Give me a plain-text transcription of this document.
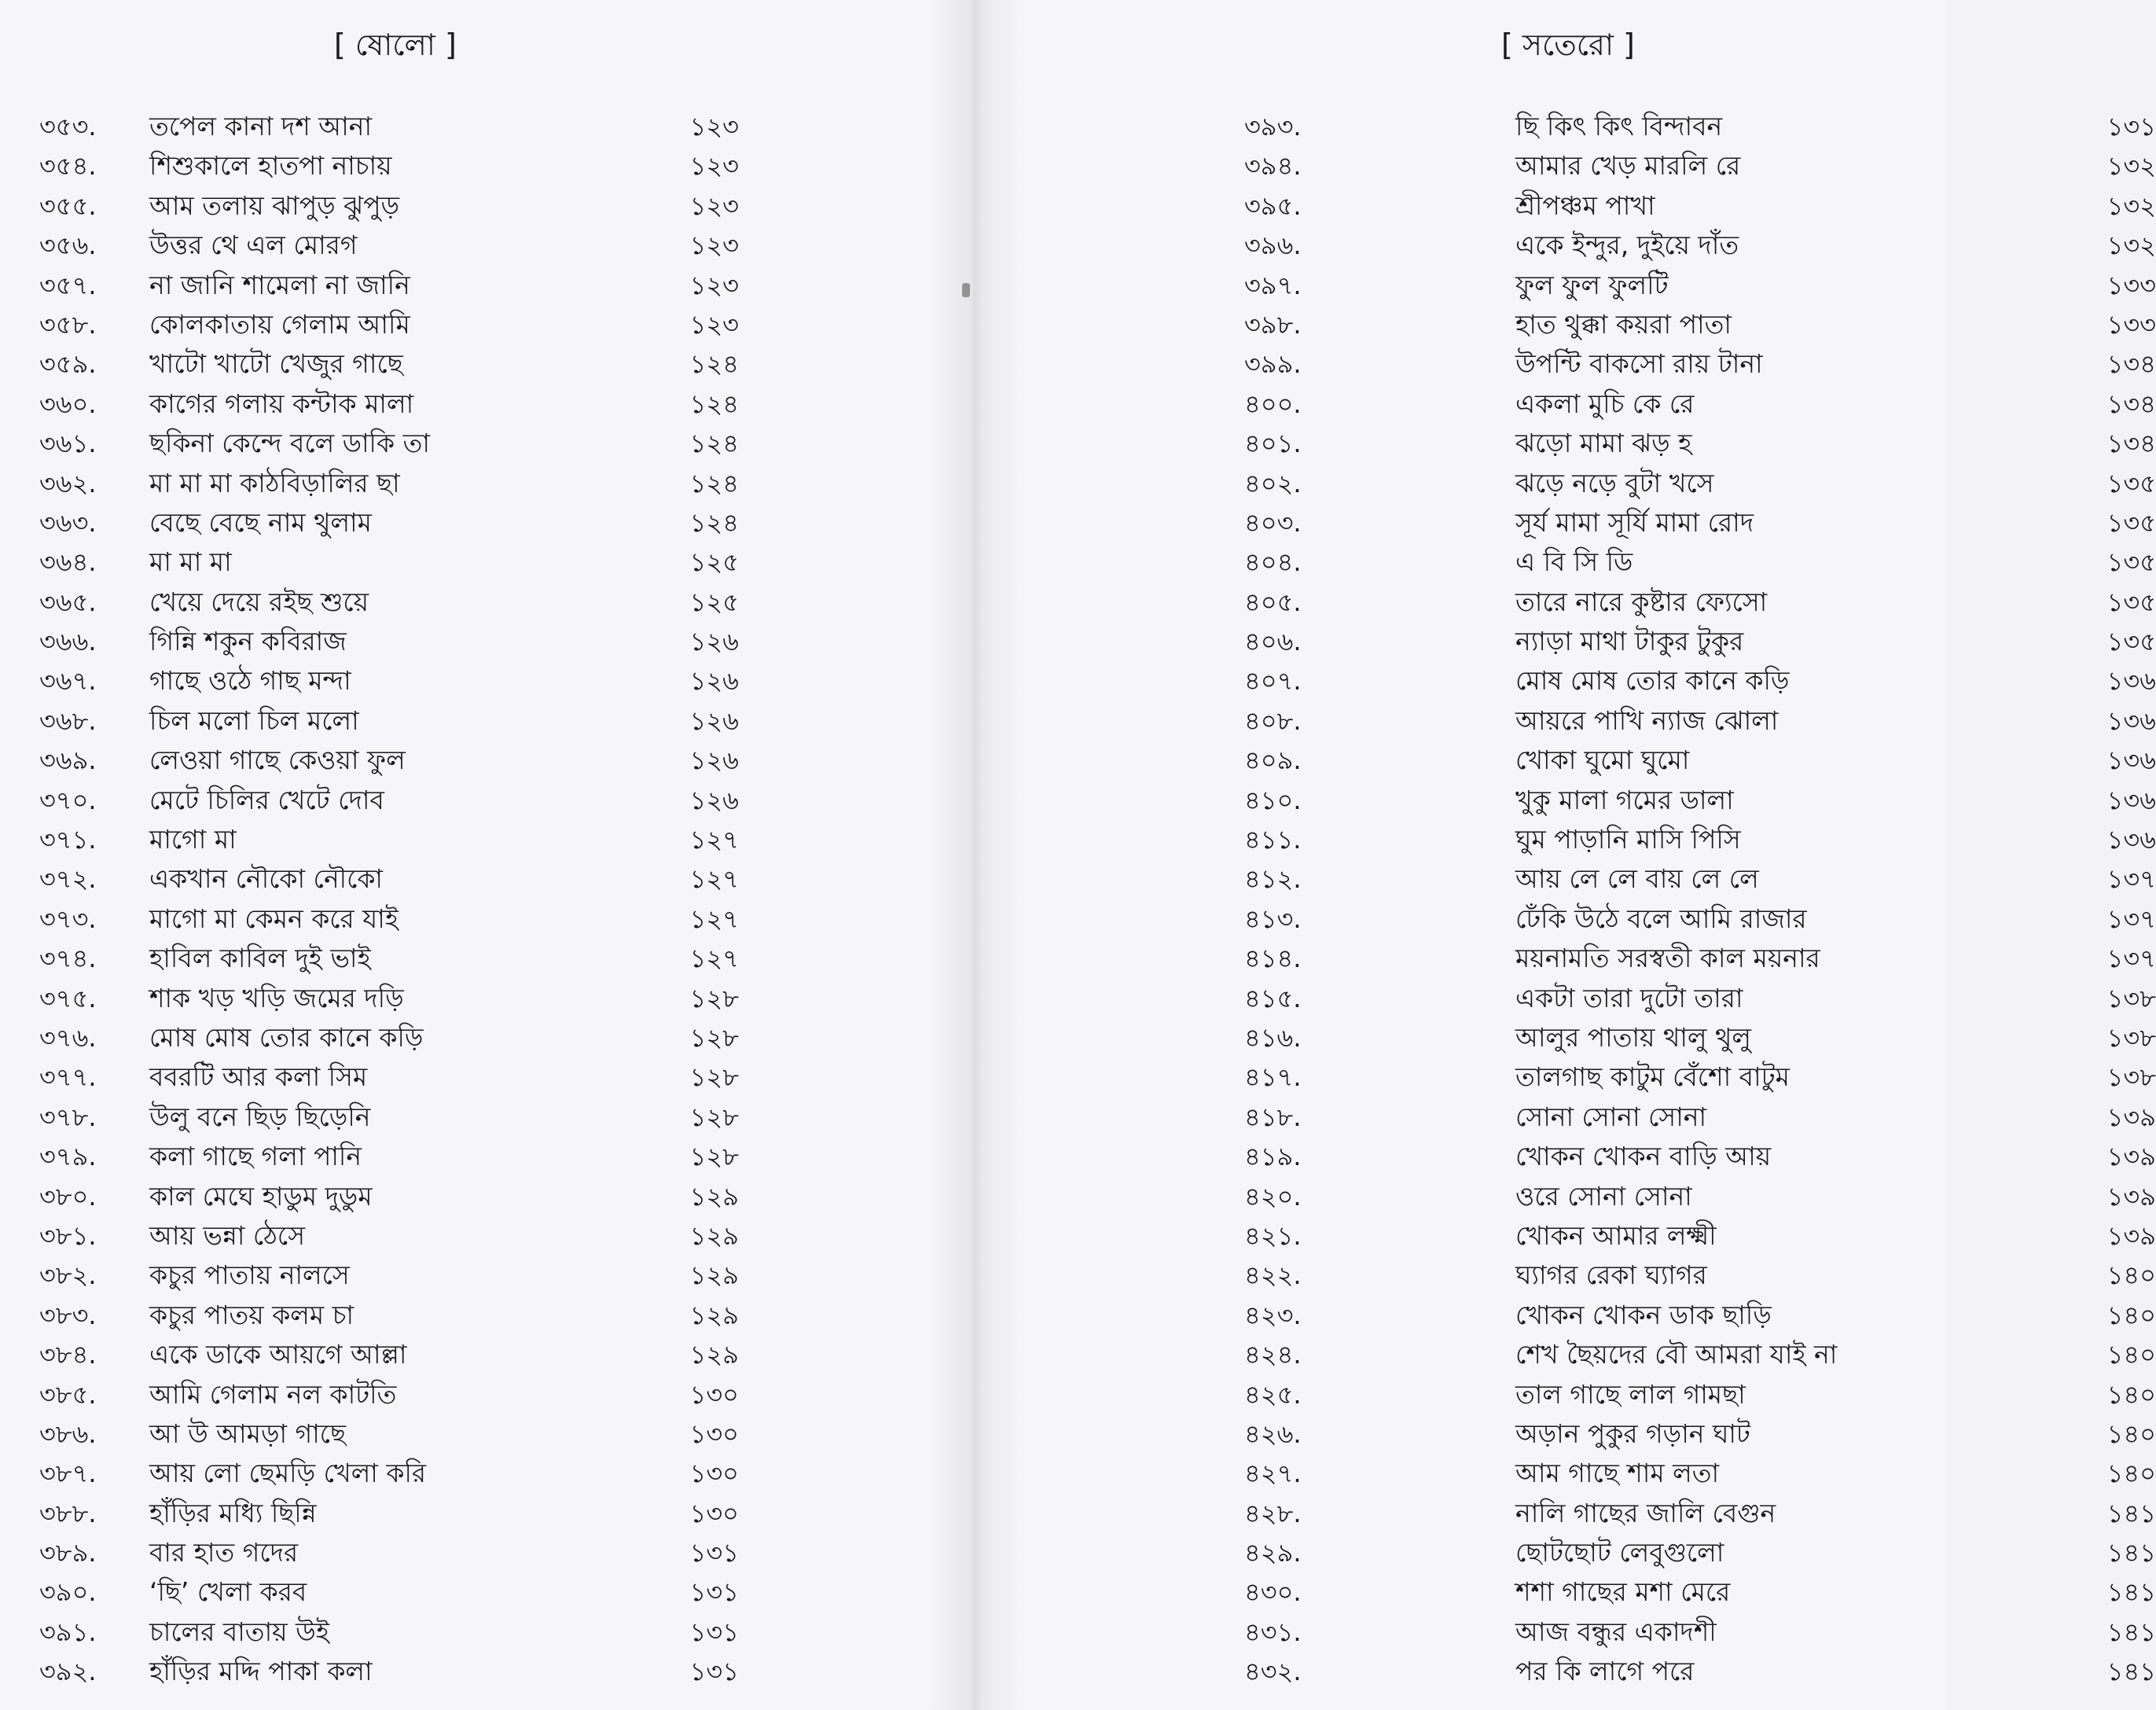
[ ষোলো ]
৩৫৩.	তপেল কানা দশ আনা	১২৩
৩৫৪.	শিশুকালে হাতপা নাচায়	১২৩
৩৫৫.	আম তলায় ঝাপুড় ঝুপুড়	১২৩
৩৫৬.	উত্তর থে এল মোরগ	১২৩
৩৫৭.	না জানি শামেলা না জানি	১২৩
৩৫৮.	কোলকাতায় গেলাম আমি	১২৩
৩৫৯.	খাটো খাটো খেজুর গাছে	১২৪
৩৬০.	কাগের গলায় কন্টাক মালা	১২৪
৩৬১.	ছকিনা কেন্দে বলে ডাকি তা	১২৪
৩৬২.	মা মা মা কাঠবিড়ালির ছা	১২৪
৩৬৩.	বেছে বেছে নাম থুলাম	১২৪
৩৬৪.	মা মা মা	১২৫
৩৬৫.	খেয়ে দেয়ে রইছ শুয়ে	১২৫
৩৬৬.	গিন্নি শকুন কবিরাজ	১২৬
৩৬৭.	গাছে ওঠে গাছ মন্দা	১২৬
৩৬৮.	চিল মলো চিল মলো	১২৬
৩৬৯.	লেওয়া গাছে কেওয়া ফুল	১২৬
৩৭০.	মেটে চিলির খেটে দোব	১২৬
৩৭১.	মাগো মা	১২৭
৩৭২.	একখান নৌকো নৌকো	১২৭
৩৭৩.	মাগো মা কেমন করে যাই	১২৭
৩৭৪.	হাবিল কাবিল দুই ভাই	১২৭
৩৭৫.	শাক খড় খড়ি জমের দড়ি	১২৮
৩৭৬.	মোষ মোষ তোর কানে কড়ি	১২৮
৩৭৭.	ববরটি আর কলা সিম	১২৮
৩৭৮.	উলু বনে ছিড় ছিড়েনি	১২৮
৩৭৯.	কলা গাছে গলা পানি	১২৮
৩৮০.	কাল মেঘে হাডুম দুডুম	১২৯
৩৮১.	আয় ভন্না ঠেসে	১২৯
৩৮২.	কচুর পাতায় নালসে	১২৯
৩৮৩.	কচুর পাতয় কলম চা	১২৯
৩৮৪.	একে ডাকে আয়গে আল্লা	১২৯
৩৮৫.	আমি গেলাম নল কাটতি	১৩০
৩৮৬.	আ উ আমড়া গাছে	১৩০
৩৮৭.	আয় লো ছেমড়ি খেলা করি	১৩০
৩৮৮.	হাঁড়ির মধ্যি ছিন্নি	১৩০
৩৮৯.	বার হাত গদের	১৩১
৩৯০.	‘ছি’ খেলা করব	১৩১
৩৯১.	চালের বাতায় উই	১৩১
৩৯২.	হাঁড়ির মদ্দি পাকা কলা	১৩১
[ সতেরো ]
৩৯৩.	ছি কিৎ কিৎ বিন্দাবন	১৩১
৩৯৪.	আমার খেড় মারলি রে	১৩২
৩৯৫.	শ্রীপঞ্চম পাখা	১৩২
৩৯৬.	একে ইন্দুর, দুইয়ে দাঁত	১৩২
৩৯৭.	ফুল ফুল ফুলটি	১৩৩
৩৯৮.	হাত থুক্কা কয়রা পাতা	১৩৩
৩৯৯.	উপন্টি বাকসো রায় টানা	১৩৪
৪০০.	একলা মুচি কে রে	১৩৪
৪০১.	ঝড়ো মামা ঝড় হ	১৩৪
৪০২.	ঝড়ে নড়ে বুটা খসে	১৩৫
৪০৩.	সূর্য মামা সূর্যি মামা রোদ	১৩৫
৪০৪.	এ বি সি ডি	১৩৫
৪০৫.	তারে নারে কুষ্টার ফ্যেসো	১৩৫
৪০৬.	ন্যাড়া মাথা টাকুর টুকুর	১৩৫
৪০৭.	মোষ মোষ তোর কানে কড়ি	১৩৬
৪০৮.	আয়রে পাখি ন্যাজ ঝোলা	১৩৬
৪০৯.	খোকা ঘুমো ঘুমো	১৩৬
৪১০.	খুকু মালা গমের ডালা	১৩৬
৪১১.	ঘুম পাড়ানি মাসি পিসি	১৩৬
৪১২.	আয় লে লে বায় লে লে	১৩৭
৪১৩.	ঢেঁকি উঠে বলে আমি রাজার	১৩৭
৪১৪.	ময়নামতি সরস্বতী কাল ময়নার	১৩৭
৪১৫.	একটা তারা দুটো তারা	১৩৮
৪১৬.	আলুর পাতায় থালু থুলু	১৩৮
৪১৭.	তালগাছ কাটুম বেঁশো বাটুম	১৩৮
৪১৮.	সোনা সোনা সোনা	১৩৯
৪১৯.	খোকন খোকন বাড়ি আয়	১৩৯
৪২০.	ওরে সোনা সোনা	১৩৯
৪২১.	খোকন আমার লক্ষ্মী	১৩৯
৪২২.	ঘ্যাগর রেকা ঘ্যাগর	১৪০
৪২৩.	খোকন খোকন ডাক ছাড়ি	১৪০
৪২৪.	শেখ ছৈয়দের বৌ আমরা যাই না	১৪০
৪২৫.	তাল গাছে লাল গামছা	১৪০
৪২৬.	অড়ান পুকুর গড়ান ঘাট	১৪০
৪২৭.	আম গাছে শাম লতা	১৪০
৪২৮.	নালি গাছের জালি বেগুন	১৪১
৪২৯.	ছোটছোট লেবুগুলো	১৪১
৪৩০.	শশা গাছের মশা মেরে	১৪১
৪৩১.	আজ বন্ধুর একাদশী	১৪১
৪৩২.	পর কি লাগে পরে	১৪১
